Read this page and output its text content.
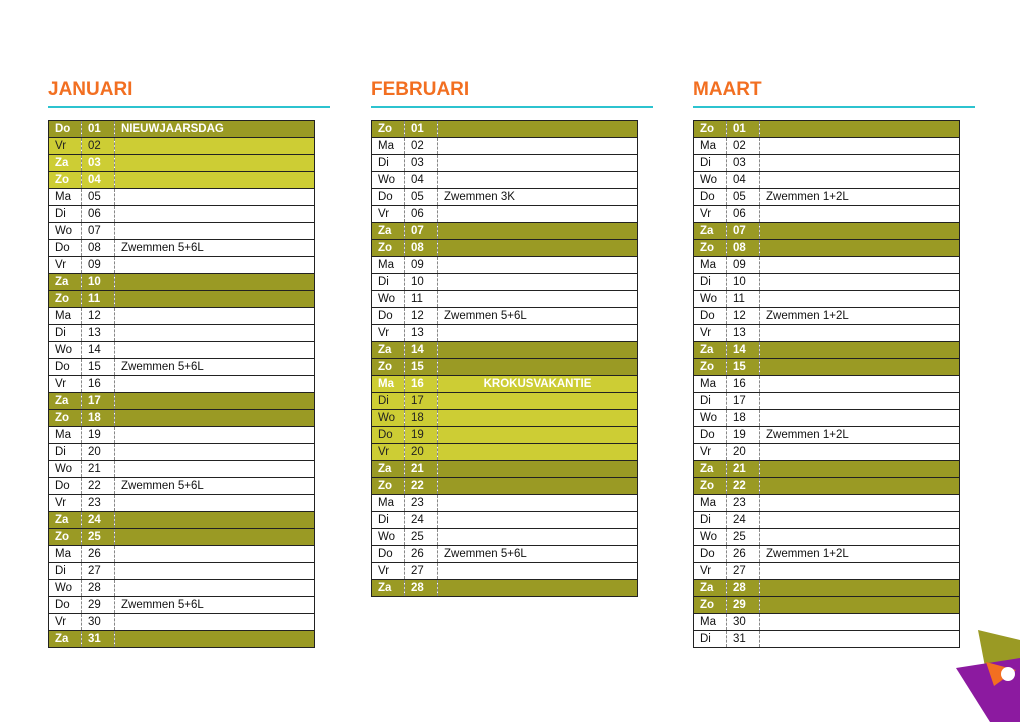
JANUARI
Do	01	NIEUWJAARSDAG
Vr	02	
Za	03	
Zo	04	
Ma	05	
Di	06	
Wo	07	
Do	08	Zwemmen 5+6L
Vr	09	
Za	10	
Zo	11	
Ma	12	
Di	13	
Wo	14	
Do	15	Zwemmen 5+6L
Vr	16	
Za	17	
Zo	18	
Ma	19	
Di	20	
Wo	21	
Do	22	Zwemmen 5+6L
Vr	23	
Za	24	
Zo	25	
Ma	26	
Di	27	
Wo	28	
Do	29	Zwemmen 5+6L
Vr	30	
Za	31	
FEBRUARI
Zo	01	
Ma	02	
Di	03	
Wo	04	
Do	05	Zwemmen 3K
Vr	06	
Za	07	
Zo	08	
Ma	09	
Di	10	
Wo	11	
Do	12	Zwemmen 5+6L
Vr	13	
Za	14	
Zo	15	
Ma	16	KROKUSVAKANTIE
Di	17	
Wo	18	
Do	19	
Vr	20	
Za	21	
Zo	22	
Ma	23	
Di	24	
Wo	25	
Do	26	Zwemmen 5+6L
Vr	27	
Za	28	
MAART
Zo	01	
Ma	02	
Di	03	
Wo	04	
Do	05	Zwemmen 1+2L
Vr	06	
Za	07	
Zo	08	
Ma	09	
Di	10	
Wo	11	
Do	12	Zwemmen 1+2L
Vr	13	
Za	14	
Zo	15	
Ma	16	
Di	17	
Wo	18	
Do	19	Zwemmen 1+2L
Vr	20	
Za	21	
Zo	22	
Ma	23	
Di	24	
Wo	25	
Do	26	Zwemmen 1+2L
Vr	27	
Za	28	
Zo	29	
Ma	30	
Di	31	
